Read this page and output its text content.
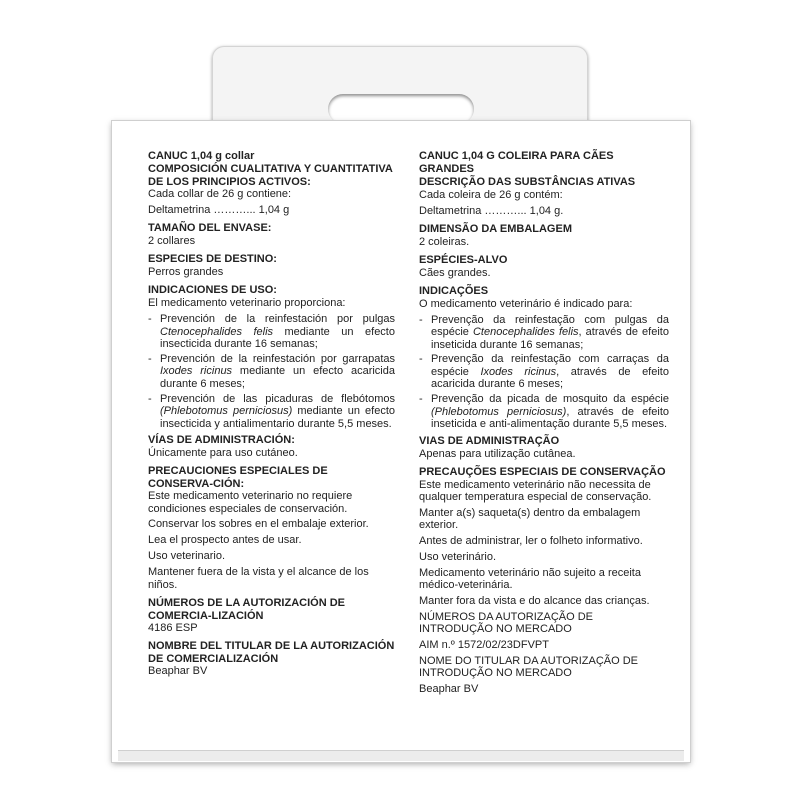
CANUC 1,04 g collar

COMPOSICIÓN CUALITATIVA Y CUANTITATIVA DE LOS PRINCIPIOS ACTIVOS:

Cada collar de 26 g contiene:

Deltametrina ………... 1,04 g

TAMAÑO DEL ENVASE:

2 collares

ESPECIES DE DESTINO:

Perros grandes

INDICACIONES DE USO:

El medicamento veterinario proporciona:

- Prevención de la reinfestación por pulgas Ctenocephalides felis mediante un efecto insecticida durante 16 semanas;
- Prevención de la reinfestación por garrapatas Ixodes ricinus mediante un efecto acaricida durante 6 meses;
- Prevención de las picaduras de flebótomos (Phlebotomus perniciosus) mediante un efecto insecticida y antialimentario durante 5,5 meses.

VÍAS DE ADMINISTRACIÓN:

Únicamente para uso cutáneo.

PRECAUCIONES ESPECIALES DE CONSERVA-CIÓN:

Este medicamento veterinario no requiere condiciones especiales de conservación.

Conservar los sobres en el embalaje exterior.

Lea el prospecto antes de usar.

Uso veterinario.

Mantener fuera de la vista y el alcance de los niños.

NÚMEROS DE LA AUTORIZACIÓN DE COMERCIA-LIZACIÓN

4186 ESP

NOMBRE DEL TITULAR DE LA AUTORIZACIÓN DE COMERCIALIZACIÓN

Beaphar BV

CANUC 1,04 G COLEIRA PARA CÃES GRANDES

DESCRIÇÃO DAS SUBSTÂNCIAS ATIVAS

Cada coleira de 26 g contém:

Deltametrina ………... 1,04 g.

DIMENSÃO DA EMBALAGEM

2 coleiras.

ESPÉCIES-ALVO

Cães grandes.

INDICAÇÕES

O medicamento veterinário é indicado para:

- Prevenção da reinfestação com pulgas da espécie Ctenocephalides felis, através de efeito inseticida durante 16 semanas;
- Prevenção da reinfestação com carraças da espécie Ixodes ricinus, através de efeito acaricida durante 6 meses;
- Prevenção da picada de mosquito da espécie (Phlebotomus perniciosus), através de efeito inseticida e anti-alimentação durante 5,5 meses.

VIAS DE ADMINISTRAÇÃO

Apenas para utilização cutânea.

PRECAUÇÕES ESPECIAIS DE CONSERVAÇÃO

Este medicamento veterinário não necessita de qualquer temperatura especial de conservação.

Manter a(s) saqueta(s) dentro da embalagem exterior.

Antes de administrar, ler o folheto informativo.

Uso veterinário.

Medicamento veterinário não sujeito a receita médico-veterinária.

Manter fora da vista e do alcance das crianças.

NÚMEROS DA AUTORIZAÇÃO DE INTRODUÇÃO NO MERCADO

AIM n.º 1572/02/23DFVPT

NOME DO TITULAR DA AUTORIZAÇÃO DE INTRODUÇÃO NO MERCADO

Beaphar BV
